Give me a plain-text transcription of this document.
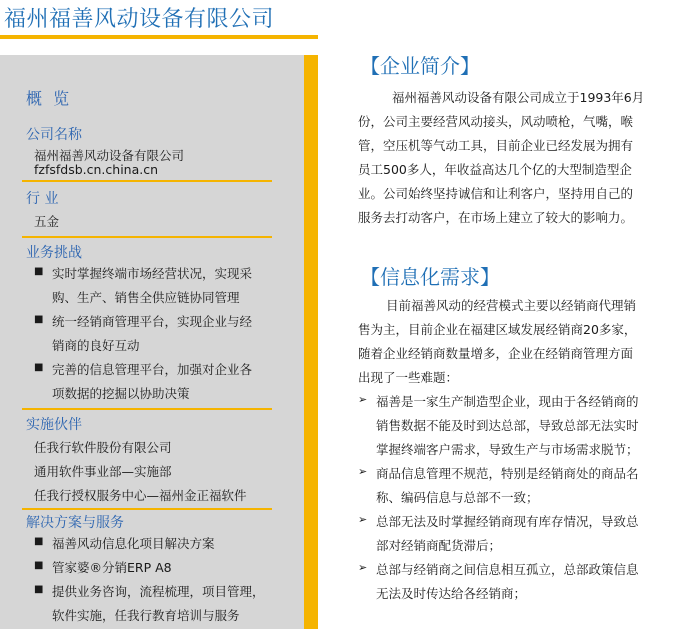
福州福善风动设备有限公司
概 览
公司名称
福州福善风动设备有限公司
fzfsfdsb.cn.china.cn
行 业
五金
业务挑战
■ 实时掌握终端市场经营状况，实现采
购、生产、销售全供应链协同管理
■ 统一经销商管理平台，实现企业与经
销商的良好互动
■ 完善的信息管理平台，加强对企业各
项数据的挖掘以协助决策
实施伙伴
任我行软件股份有限公司
通用软件事业部—实施部
任我行授权服务中心—福州金正福软件
解决方案与服务
■ 福善风动信息化项目解决方案
■ 管家婆®分销ERP A8
■ 提供业务咨询，流程梳理，项目管理，
软件实施，任我行教育培训与服务
【企业简介】
福州福善风动设备有限公司成立于1993年6月
份，公司主要经营风动接头，风动喷枪，气嘴，喉
管，空压机等气动工具，目前企业已经发展为拥有
员工500多人，年收益高达几个亿的大型制造型企
业。公司始终坚持诚信和让利客户，坚持用自己的
服务去打动客户，在市场上建立了较大的影响力。
【信息化需求】
目前福善风动的经营模式主要以经销商代理销
售为主，目前企业在福建区域发展经销商20多家，
随着企业经销商数量增多，企业在经销商管理方面
出现了一些难题：
➢ 福善是一家生产制造型企业，现由于各经销商的
销售数据不能及时到达总部，导致总部无法实时
掌握终端客户需求，导致生产与市场需求脱节；
➢ 商品信息管理不规范，特别是经销商处的商品名
称、编码信息与总部不一致；
➢ 总部无法及时掌握经销商现有库存情况，导致总
部对经销商配货滞后；
➢ 总部与经销商之间信息相互孤立，总部政策信息
无法及时传达给各经销商；
